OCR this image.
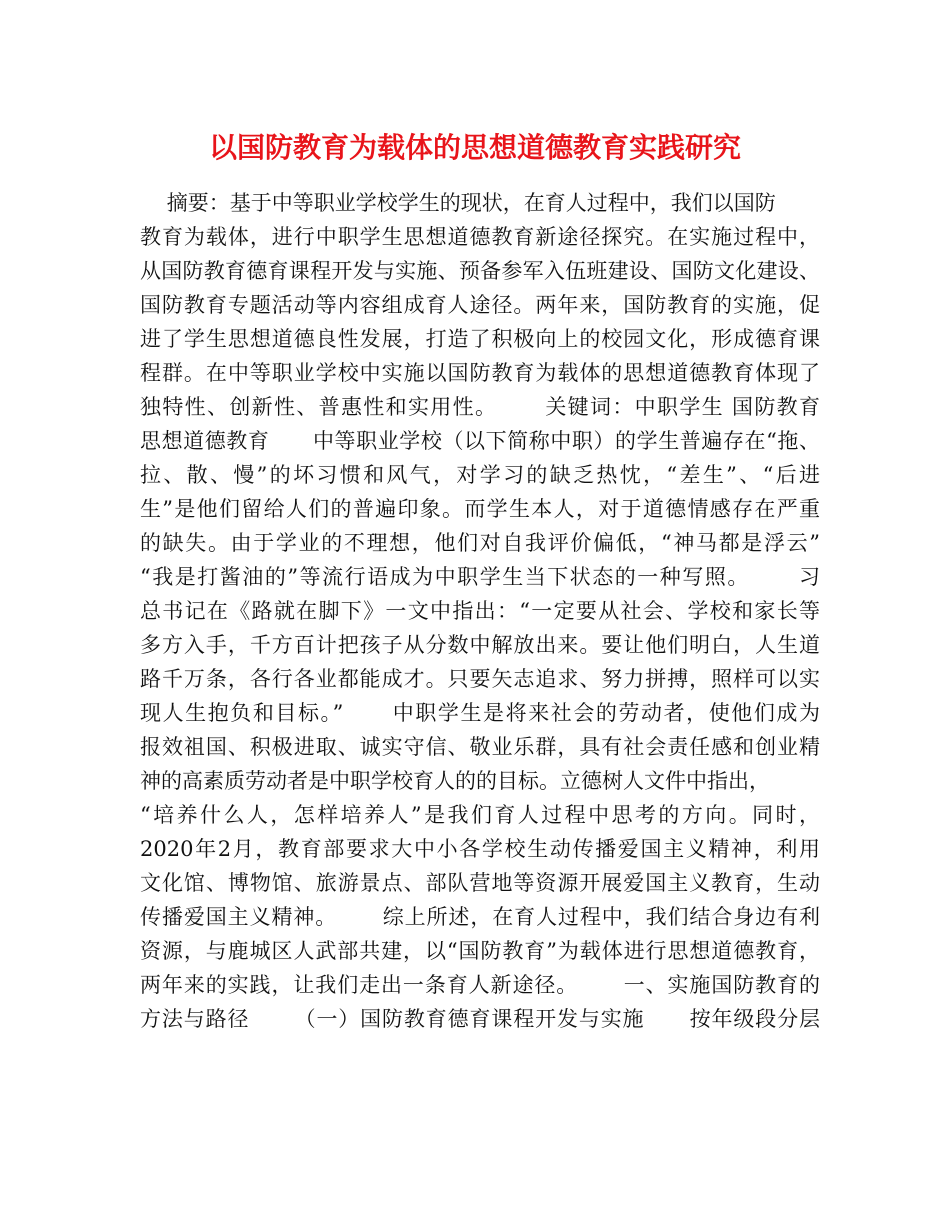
以国防教育为载体的思想道德教育实践研究
摘要：基于中等职业学校学生的现状，在育人过程中，我们以国防
教育为载体，进行中职学生思想道德教育新途径探究。在实施过程中，
从国防教育德育课程开发与实施、预备参军入伍班建设、国防文化建设、
国防教育专题活动等内容组成育人途径。两年来，国防教育的实施，促
进了学生思想道德良性发展，打造了积极向上的校园文化，形成德育课
程群。在中等职业学校中实施以国防教育为载体的思想道德教育体现了
独特性、创新性、普惠性和实用性。      关键词：中职学生 国防教育
思想道德教育      中等职业学校（以下简称中职）的学生普遍存在“拖、
拉、散、慢”的坏习惯和风气，对学习的缺乏热忱，“差生”、“后进
生”是他们留给人们的普遍印象。而学生本人，对于道德情感存在严重
的缺失。由于学业的不理想，他们对自我评价偏低，“神马都是浮云”
“我是打酱油的”等流行语成为中职学生当下状态的一种写照。      习
总书记在《路就在脚下》一文中指出：“一定要从社会、学校和家长等
多方入手，千方百计把孩子从分数中解放出来。要让他们明白，人生道
路千万条，各行各业都能成才。只要矢志追求、努力拼搏，照样可以实
现人生抱负和目标。”      中职学生是将来社会的劳动者，使他们成为
报效祖国、积极进取、诚实守信、敬业乐群，具有社会责任感和创业精
神的高素质劳动者是中职学校育人的的目标。立德树人文件中指出，
“培养什么人，怎样培养人”是我们育人过程中思考的方向。同时，
2020年2月，教育部要求大中小各学校生动传播爱国主义精神，利用
文化馆、博物馆、旅游景点、部队营地等资源开展爱国主义教育，生动
传播爱国主义精神。      综上所述，在育人过程中，我们结合身边有利
资源，与鹿城区人武部共建，以“国防教育”为载体进行思想道德教育，
两年来的实践，让我们走出一条育人新途径。      一、实施国防教育的
方法与路径      （一）国防教育德育课程开发与实施      按年级段分层
